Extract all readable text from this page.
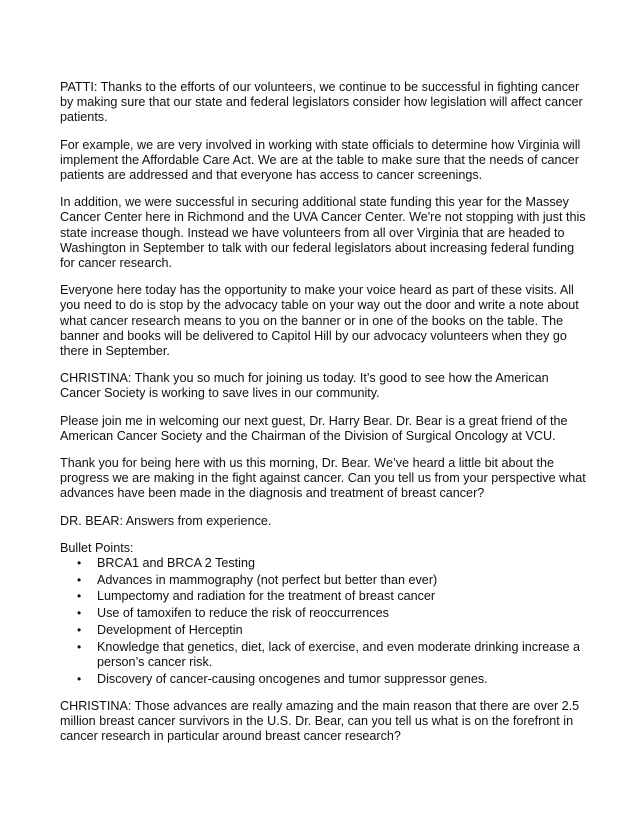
PATTI: Thanks to the efforts of our volunteers, we continue to be successful in fighting cancer by making sure that our state and federal legislators consider how legislation will affect cancer patients.

For example, we are very involved in working with state officials to determine how Virginia will implement the Affordable Care Act. We are at the table to make sure that the needs of cancer patients are addressed and that everyone has access to cancer screenings.

In addition, we were successful in securing additional state funding this year for the Massey Cancer Center here in Richmond and the UVA Cancer Center. We're not stopping with just this state increase though. Instead we have volunteers from all over Virginia that are headed to Washington in September to talk with our federal legislators about increasing federal funding for cancer research.

Everyone here today has the opportunity to make your voice heard as part of these visits. All you need to do is stop by the advocacy table on your way out the door and write a note about what cancer research means to you on the banner or in one of the books on the table. The banner and books will be delivered to Capitol Hill by our advocacy volunteers when they go there in September.

CHRISTINA: Thank you so much for joining us today. It’s good to see how the American Cancer Society is working to save lives in our community.

Please join me in welcoming our next guest, Dr. Harry Bear. Dr. Bear is a great friend of the American Cancer Society and the Chairman of the Division of Surgical Oncology at VCU.

Thank you for being here with us this morning, Dr. Bear. We’ve heard a little bit about the progress we are making in the fight against cancer. Can you tell us from your perspective what advances have been made in the diagnosis and treatment of breast cancer?

DR. BEAR: Answers from experience.

Bullet Points:

• BRCA1 and BRCA 2 Testing
• Advances in mammography (not perfect but better than ever)
• Lumpectomy and radiation for the treatment of breast cancer
• Use of tamoxifen to reduce the risk of reoccurrences
• Development of Herceptin
• Knowledge that genetics, diet, lack of exercise, and even moderate drinking increase a person’s cancer risk.
• Discovery of cancer-causing oncogenes and tumor suppressor genes.

CHRISTINA: Those advances are really amazing and the main reason that there are over 2.5 million breast cancer survivors in the U.S. Dr. Bear, can you tell us what is on the forefront in cancer research in particular around breast cancer research?
